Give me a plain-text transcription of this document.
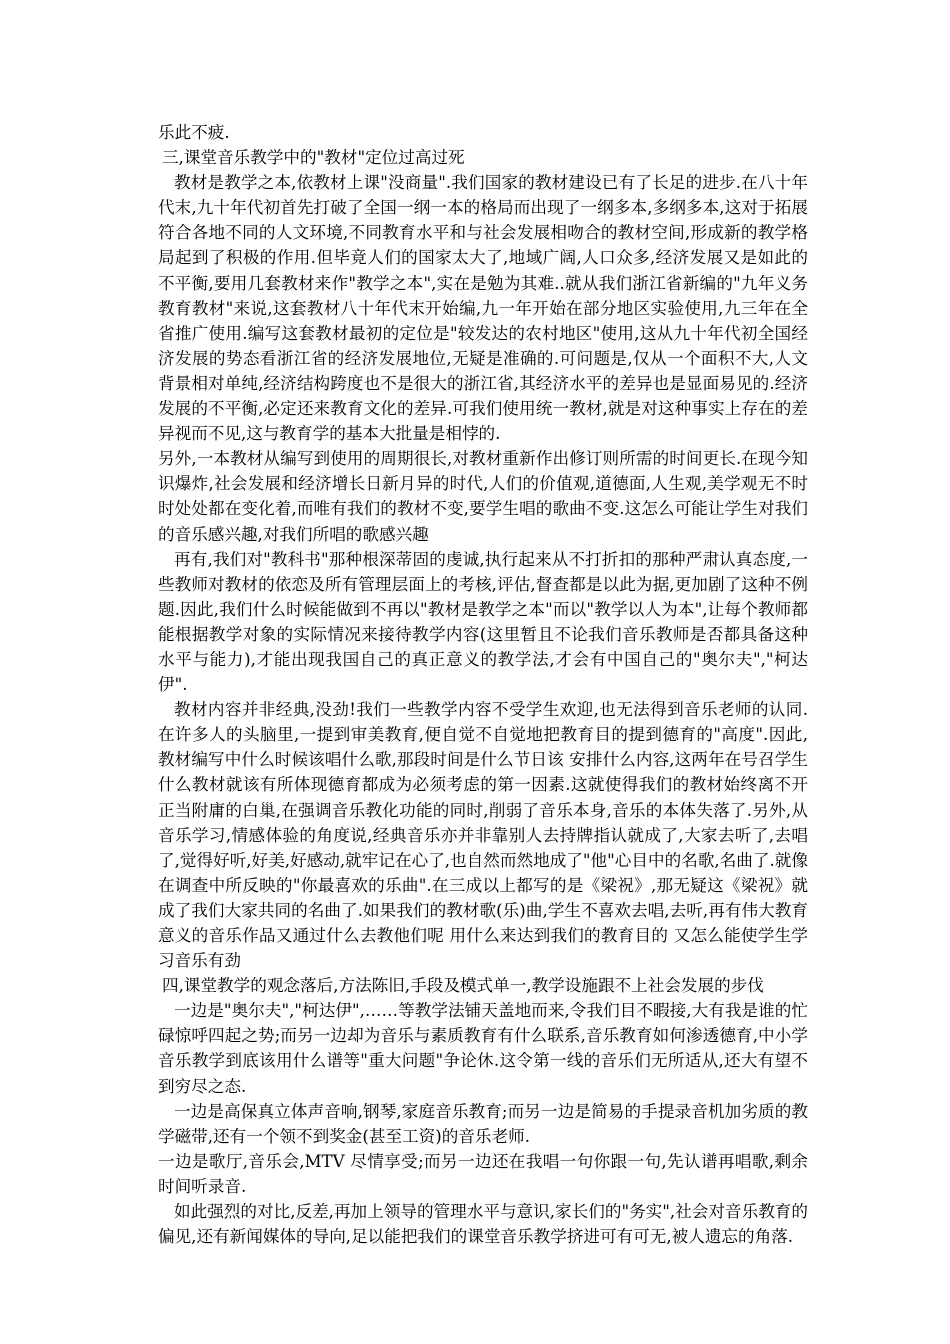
乐此不疲.

三,课堂音乐教学中的"教材"定位过高过死

教材是教学之本,依教材上课"没商量".我们国家的教材建设已有了长足的进步.在八十年代末,九十年代初首先打破了全国一纲一本的格局而出现了一纲多本,多纲多本,这对于拓展符合各地不同的人文环境,不同教育水平和与社会发展相吻合的教材空间,形成新的教学格局起到了积极的作用.但毕竟人们的国家太大了,地域广阔,人口众多,经济发展又是如此的不平衡,要用几套教材来作"教学之本",实在是勉为其难..就从我们浙江省新编的"九年义务教育教材"来说,这套教材八十年代末开始编,九一年开始在部分地区实验使用,九三年在全省推广使用.编写这套教材最初的定位是"较发达的农村地区"使用,这从九十年代初全国经济发展的势态看浙江省的经济发展地位,无疑是准确的.可问题是,仅从一个面积不大,人文背景相对单纯,经济结构跨度也不是很大的浙江省,其经济水平的差异也是显面易见的.经济发展的不平衡,必定还来教育文化的差异.可我们使用统一教材,就是对这种事实上存在的差异视而不见,这与教育学的基本大批量是相悖的.

另外,一本教材从编写到使用的周期很长,对教材重新作出修订则所需的时间更长.在现今知识爆炸,社会发展和经济增长日新月异的时代,人们的价值观,道德面,人生观,美学观无不时时处处都在变化着,而唯有我们的教材不变,要学生唱的歌曲不变.这怎么可能让学生对我们的音乐感兴趣,对我们所唱的歌感兴趣

再有,我们对"教科书"那种根深蒂固的虔诚,执行起来从不打折扣的那种严肃认真态度,一些教师对教材的依恋及所有管理层面上的考核,评估,督查都是以此为据,更加剧了这种不例题.因此,我们什么时候能做到不再以"教材是教学之本"而以"教学以人为本",让每个教师都能根据教学对象的实际情况来接待教学内容(这里暂且不论我们音乐教师是否都具备这种水平与能力),才能出现我国自己的真正意义的教学法,才会有中国自己的"奥尔夫","柯达伊".

教材内容并非经典,没劲!我们一些教学内容不受学生欢迎,也无法得到音乐老师的认同.在许多人的头脑里,一提到审美教育,便自觉不自觉地把教育目的提到德育的"高度".因此,教材编写中什么时候该唱什么歌,那段时间是什么节日该 安排什么内容,这两年在号召学生什么教材就该有所体现德育都成为必须考虑的第一因素.这就使得我们的教材始终离不开正当附庸的白巢,在强调音乐教化功能的同时,削弱了音乐本身,音乐的本体失落了.另外,从音乐学习,情感体验的角度说,经典音乐亦并非靠别人去持牌指认就成了,大家去听了,去唱了,觉得好听,好美,好感动,就牢记在心了,也自然而然地成了"他"心目中的名歌,名曲了.就像在调查中所反映的"你最喜欢的乐曲".在三成以上都写的是《梁祝》,那无疑这《梁祝》就成了我们大家共同的名曲了.如果我们的教材歌(乐)曲,学生不喜欢去唱,去听,再有伟大教育意义的音乐作品又通过什么去教他们呢 用什么来达到我们的教育目的 又怎么能使学生学习音乐有劲

四,课堂教学的观念落后,方法陈旧,手段及模式单一,教学设施跟不上社会发展的步伐

一边是"奥尔夫","柯达伊",……等教学法铺天盖地而来,令我们目不暇接,大有我是谁的忙碌惊呼四起之势;而另一边却为音乐与素质教育有什么联系,音乐教育如何渗透德育,中小学音乐教学到底该用什么谱等"重大问题"争论休.这令第一线的音乐们无所适从,还大有望不到穷尽之态.

一边是高保真立体声音响,钢琴,家庭音乐教育;而另一边是简易的手提录音机加劣质的教学磁带,还有一个领不到奖金(甚至工资)的音乐老师.

一边是歌厅,音乐会,MTV 尽情享受;而另一边还在我唱一句你跟一句,先认谱再唱歌,剩余时间听录音.

如此强烈的对比,反差,再加上领导的管理水平与意识,家长们的"务实",社会对音乐教育的偏见,还有新闻媒体的导向,足以能把我们的课堂音乐教学挤进可有可无,被人遗忘的角落.
